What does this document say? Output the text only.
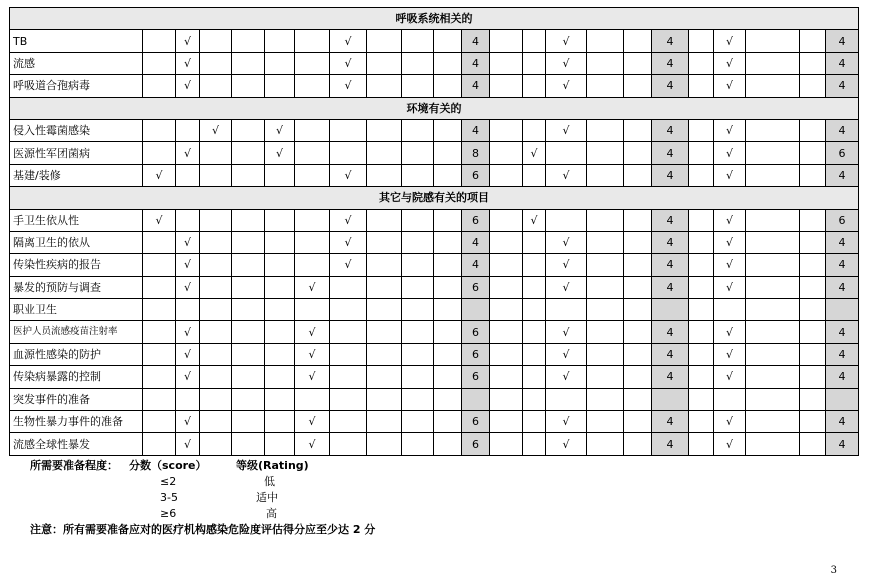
呼吸系统相关的																						
TB		√					√				4			√			4		√			4
流感		√					√				4			√			4		√			4
呼吸道合孢病毒		√					√				4			√			4		√			4
环境有关的																						
侵入性霉菌感染			√		√						4			√			4		√			4
医源性军团菌病		√			√						8		√				4		√			6
基建/装修	√						√				6			√			4		√			4
其它与院感有关的项目																						
手卫生依从性	√						√				6		√				4		√			6
隔离卫生的依从		√					√				4			√			4		√			4
传染性疾病的报告		√					√				4			√			4		√			4
暴发的预防与调查		√				√					6			√			4		√			4
职业卫生																						
医护人员流感疫苗注射率		√				√					6			√			4		√			4
血源性感染的防护		√				√					6			√			4		√			4
传染病暴露的控制		√				√					6			√			4		√			4
突发事件的准备																						
生物性暴力事件的准备		√				√					6			√			4		√			4
流感全球性暴发		√				√					6			√			4		√			4
所需要准备程度： 分数（score）	等级(Rating)
≤2	低
3-5	适中
≥6	高
注意：所有需要准备应对的医疗机构感染危险度评估得分应至少达 2 分
3
